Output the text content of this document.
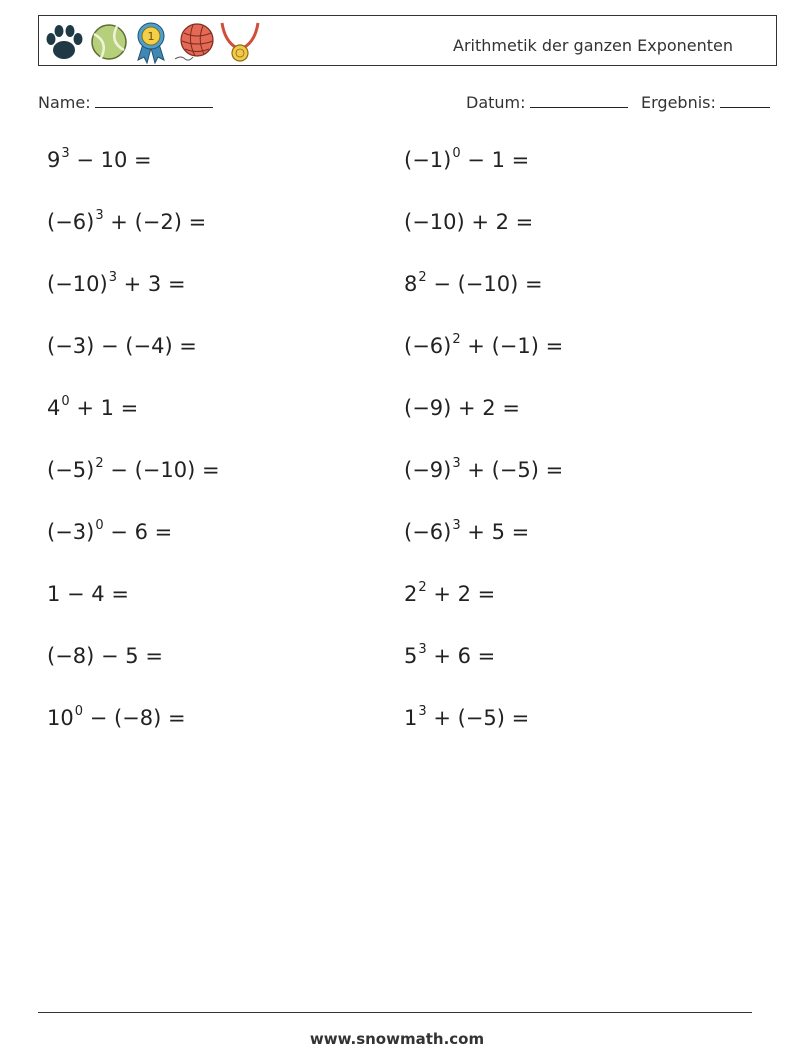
1	Arithmetik der ganzen Exponenten
Name:	Datum:	Ergebnis:
$9^3 - 10$ =
$(-6)^3 + (-2)$ =
$(-10)^3 + 3$ =
(−3) − (−4) =
$4^0 + 1$ =
$(-5)^2 - (-10)$ =
$(-3)^0 - 6$ =
1 − 4 =
(−8) − 5 =
$10^0 - (-8)$ =
$(-1)^0 - 1$ =
(−10) + 2 =
$8^2 - (-10)$ =
$(-6)^2 + (-1)$ =
(−9) + 2 =
$(-9)^3 + (-5)$ =
$(-6)^3 + 5$ =
$2^2 + 2$ =
$5^3 + 6$ =
$1^3 + (-5)$ =
www.snowmath.com
